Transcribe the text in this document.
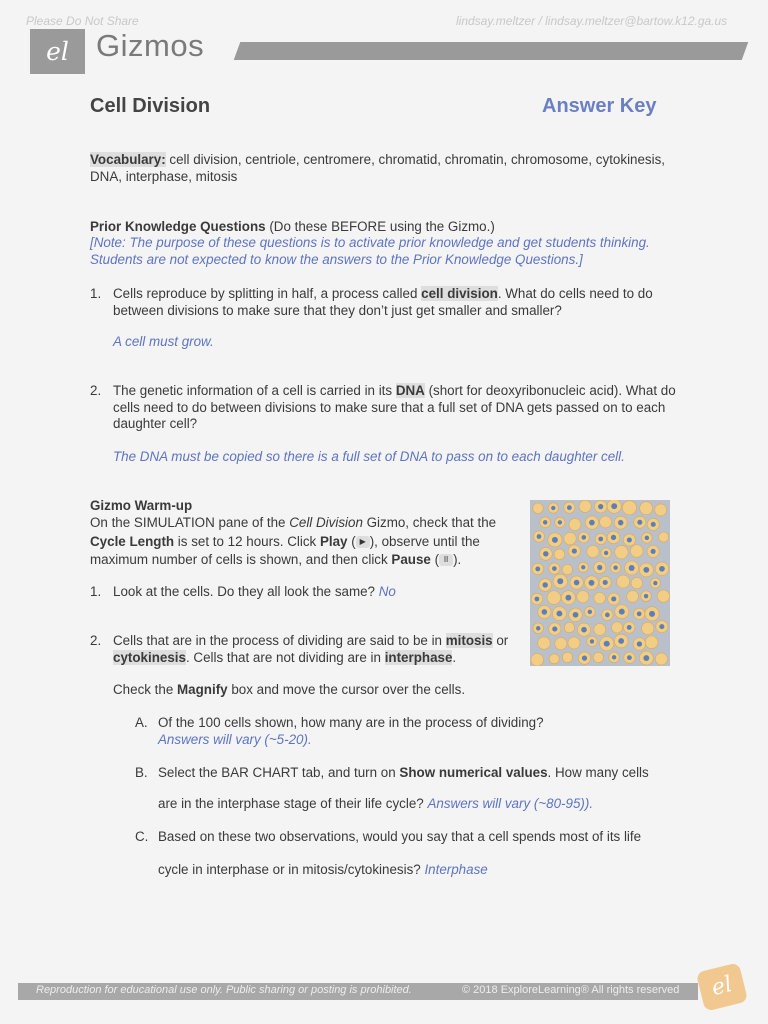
Please Do Not Share	lindsay.meltzer / lindsay.meltzer@bartow.k12.ga.us
el Gizmos
Cell Division	Answer Key
Vocabulary: cell division, centriole, centromere, chromatid, chromatin, chromosome, cytokinesis, DNA, interphase, mitosis
Prior Knowledge Questions (Do these BEFORE using the Gizmo.)
[Note: The purpose of these questions is to activate prior knowledge and get students thinking. Students are not expected to know the answers to the Prior Knowledge Questions.]
1. Cells reproduce by splitting in half, a process called cell division. What do cells need to do between divisions to make sure that they don’t just get smaller and smaller?
A cell must grow.
2. The genetic information of a cell is carried in its DNA (short for deoxyribonucleic acid). What do cells need to do between divisions to make sure that a full set of DNA gets passed on to each daughter cell?
The DNA must be copied so there is a full set of DNA to pass on to each daughter cell.
Gizmo Warm-up
On the SIMULATION pane of the Cell Division Gizmo, check that the Cycle Length is set to 12 hours. Click Play ( ▶ ), observe until the maximum number of cells is shown, and then click Pause ( II ).
1. Look at the cells. Do they all look the same? No
2. Cells that are in the process of dividing are said to be in mitosis or cytokinesis. Cells that are not dividing are in interphase.
Check the Magnify box and move the cursor over the cells.
A. Of the 100 cells shown, how many are in the process of dividing?
Answers will vary (~5-20).
B. Select the BAR CHART tab, and turn on Show numerical values. How many cells
are in the interphase stage of their life cycle? Answers will vary (~80-95)).
C. Based on these two observations, would you say that a cell spends most of its life
cycle in interphase or in mitosis/cytokinesis? Interphase
Reproduction for educational use only. Public sharing or posting is prohibited.	© 2018 ExploreLearning® All rights reserved	el
